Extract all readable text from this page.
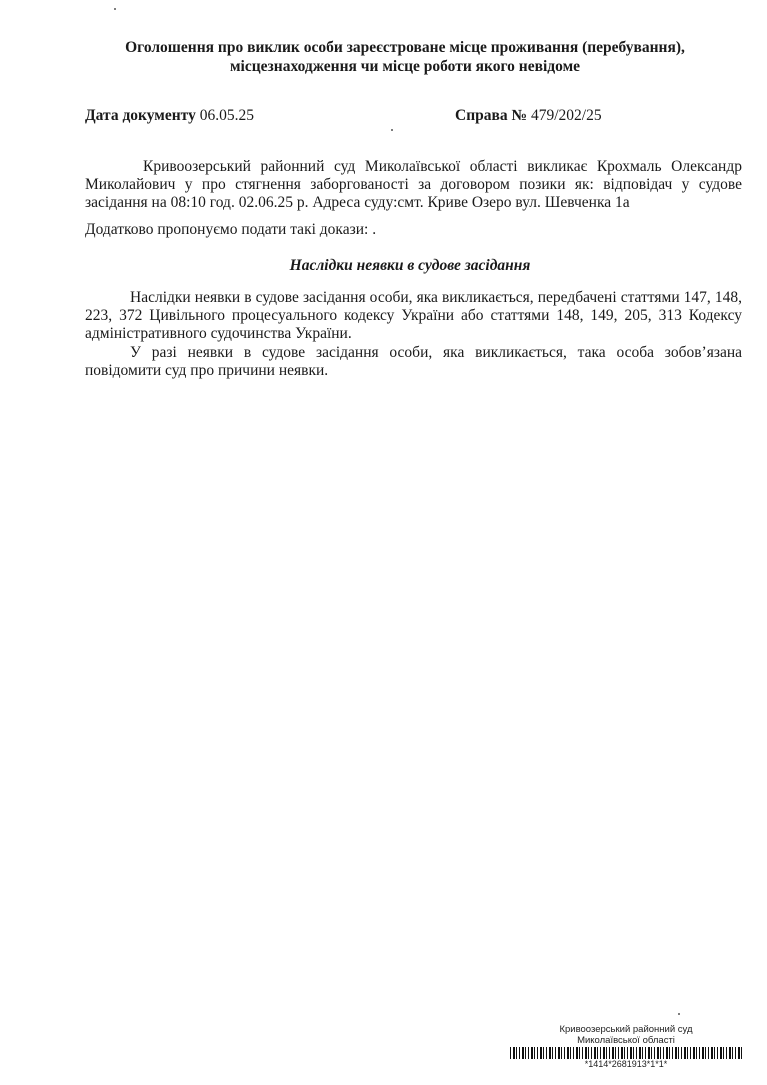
Оголошення про виклик особи зареєстроване місце проживання (перебування),
місцезнаходження чи місце роботи якого невідоме
Дата документу 06.05.25	Справа № 479/202/25
Кривоозерський районний суд Миколаївської області викликає Крохмаль Олександр Миколайович у про стягнення заборгованості за договором позики як: відповідач у судове засідання на 08:10 год. 02.06.25 р. Адреса суду:смт. Криве Озеро вул. Шевченка 1а
Додатково пропонуємо подати такі докази: .
Наслідки неявки в судове засідання
Наслідки неявки в судове засідання особи, яка викликається, передбачені статтями 147, 148, 223, 372 Цивільного процесуального кодексу України або статтями 148, 149, 205, 313 Кодексу адміністративного судочинства України.
У разі неявки в судове засідання особи, яка викликається, така особа зобов’язана повідомити суд про причини неявки.
Кривоозерський районний суд
Миколаївської області
*1414*2681913*1*1*
